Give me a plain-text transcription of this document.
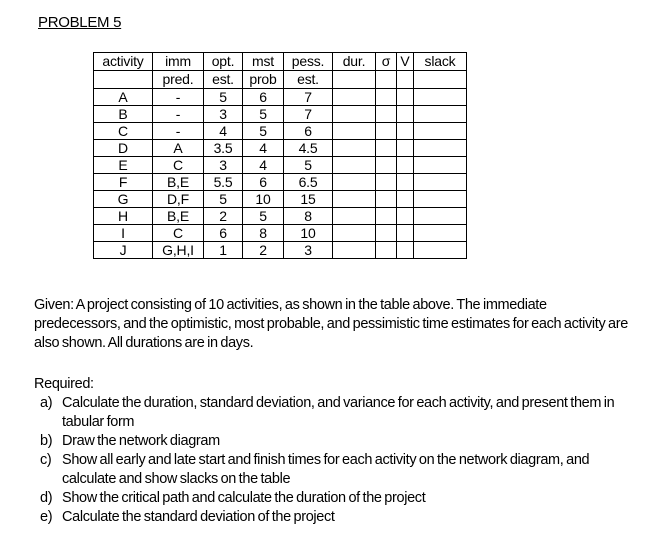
PROBLEM 5
activity	imm	opt.	mst	pess.	dur.	σ	V	slack
	pred.	est.	prob	est.				
A	-	5	6	7				
B	-	3	5	7				
C	-	4	5	6				
D	A	3.5	4	4.5				
E	C	3	4	5				
F	B,E	5.5	6	6.5				
G	D,F	5	10	15				
H	B,E	2	5	8				
I	C	6	8	10				
J	G,H,I	1	2	3				
Given: A project consisting of 10 activities, as shown in the table above. The immediate predecessors, and the optimistic, most probable, and pessimistic time estimates for each activity are also shown. All durations are in days.
Required:
a) Calculate the duration, standard deviation, and variance for each activity, and present them in tabular form
b) Draw the network diagram
c) Show all early and late start and finish times for each activity on the network diagram, and calculate and show slacks on the table
d) Show the critical path and calculate the duration of the project
e) Calculate the standard deviation of the project
